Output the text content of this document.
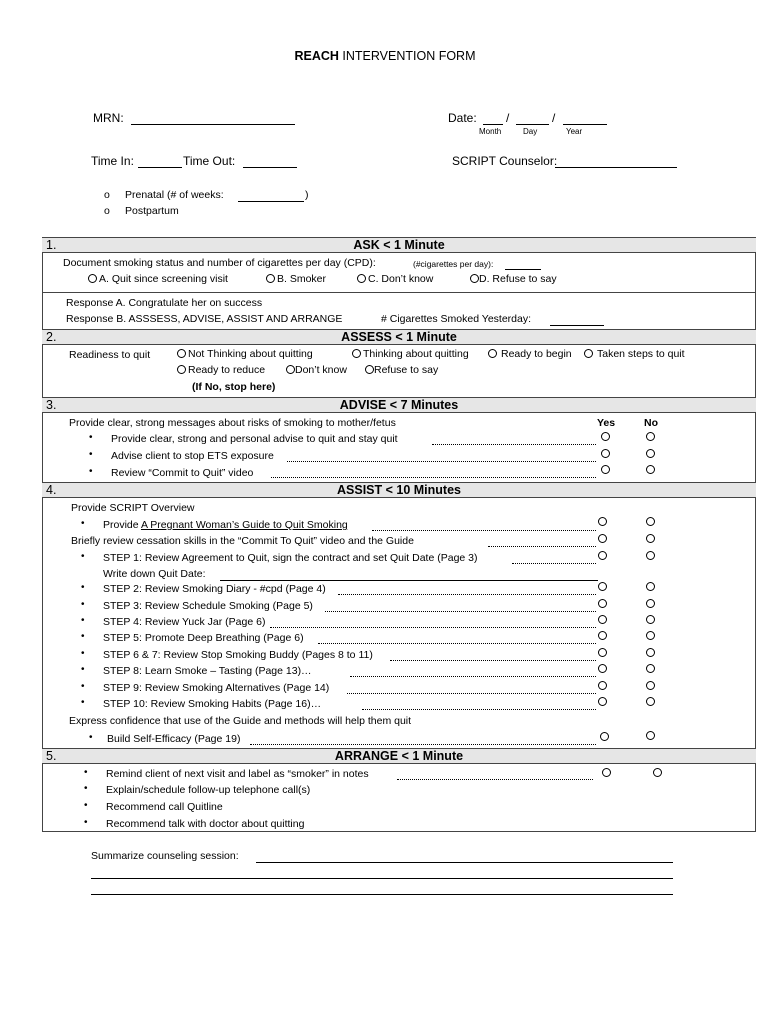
REACH INTERVENTION FORM
MRN:	Date: /	/
Month	Day	Year
Time In:	Time Out:	SCRIPT Counselor:
o Prenatal (# of weeks:	)
o Postpartum
1.	ASK < 1 Minute
Document smoking status and number of cigarettes per day (CPD):	(#cigarettes per day):
A. Quit since screening visit	B. Smoker	C. Don’t know	D. Refuse to say
Response A. Congratulate her on success
Response B. ASSSESS, ADVISE, ASSIST AND ARRANGE	# Cigarettes Smoked Yesterday:
2.	ASSESS < 1 Minute
Readiness to quit	Not Thinking about quitting	Thinking about quitting	Ready to begin	Taken steps to quit
Ready to reduce	Don’t know	Refuse to say
(If No, stop here)
3.	ADVISE < 7 Minutes
Provide clear, strong messages about risks of smoking to mother/fetus	Yes	No
• Provide clear, strong and personal advise to quit and stay quit
• Advise client to stop ETS exposure
• Review “Commit to Quit” video
4.	ASSIST < 10 Minutes
Provide SCRIPT Overview
• Provide A Pregnant Woman’s Guide to Quit Smoking
Briefly review cessation skills in the “Commit To Quit” video and the Guide
• STEP 1: Review Agreement to Quit, sign the contract and set Quit Date (Page 3)
Write down Quit Date:
• STEP 2: Review Smoking Diary - #cpd (Page 4)
• STEP 3: Review Schedule Smoking (Page 5)
• STEP 4: Review Yuck Jar (Page 6)
• STEP 5: Promote Deep Breathing (Page 6)
• STEP 6 & 7: Review Stop Smoking Buddy (Pages 8 to 11)
• STEP 8: Learn Smoke – Tasting (Page 13)…
• STEP 9: Review Smoking Alternatives (Page 14)
• STEP 10: Review Smoking Habits (Page 16)…
Express confidence that use of the Guide and methods will help them quit
• Build Self-Efficacy (Page 19)
5.	ARRANGE < 1 Minute
• Remind client of next visit and label as “smoker” in notes
• Explain/schedule follow-up telephone call(s)
• Recommend call Quitline
• Recommend talk with doctor about quitting
Summarize counseling session:
